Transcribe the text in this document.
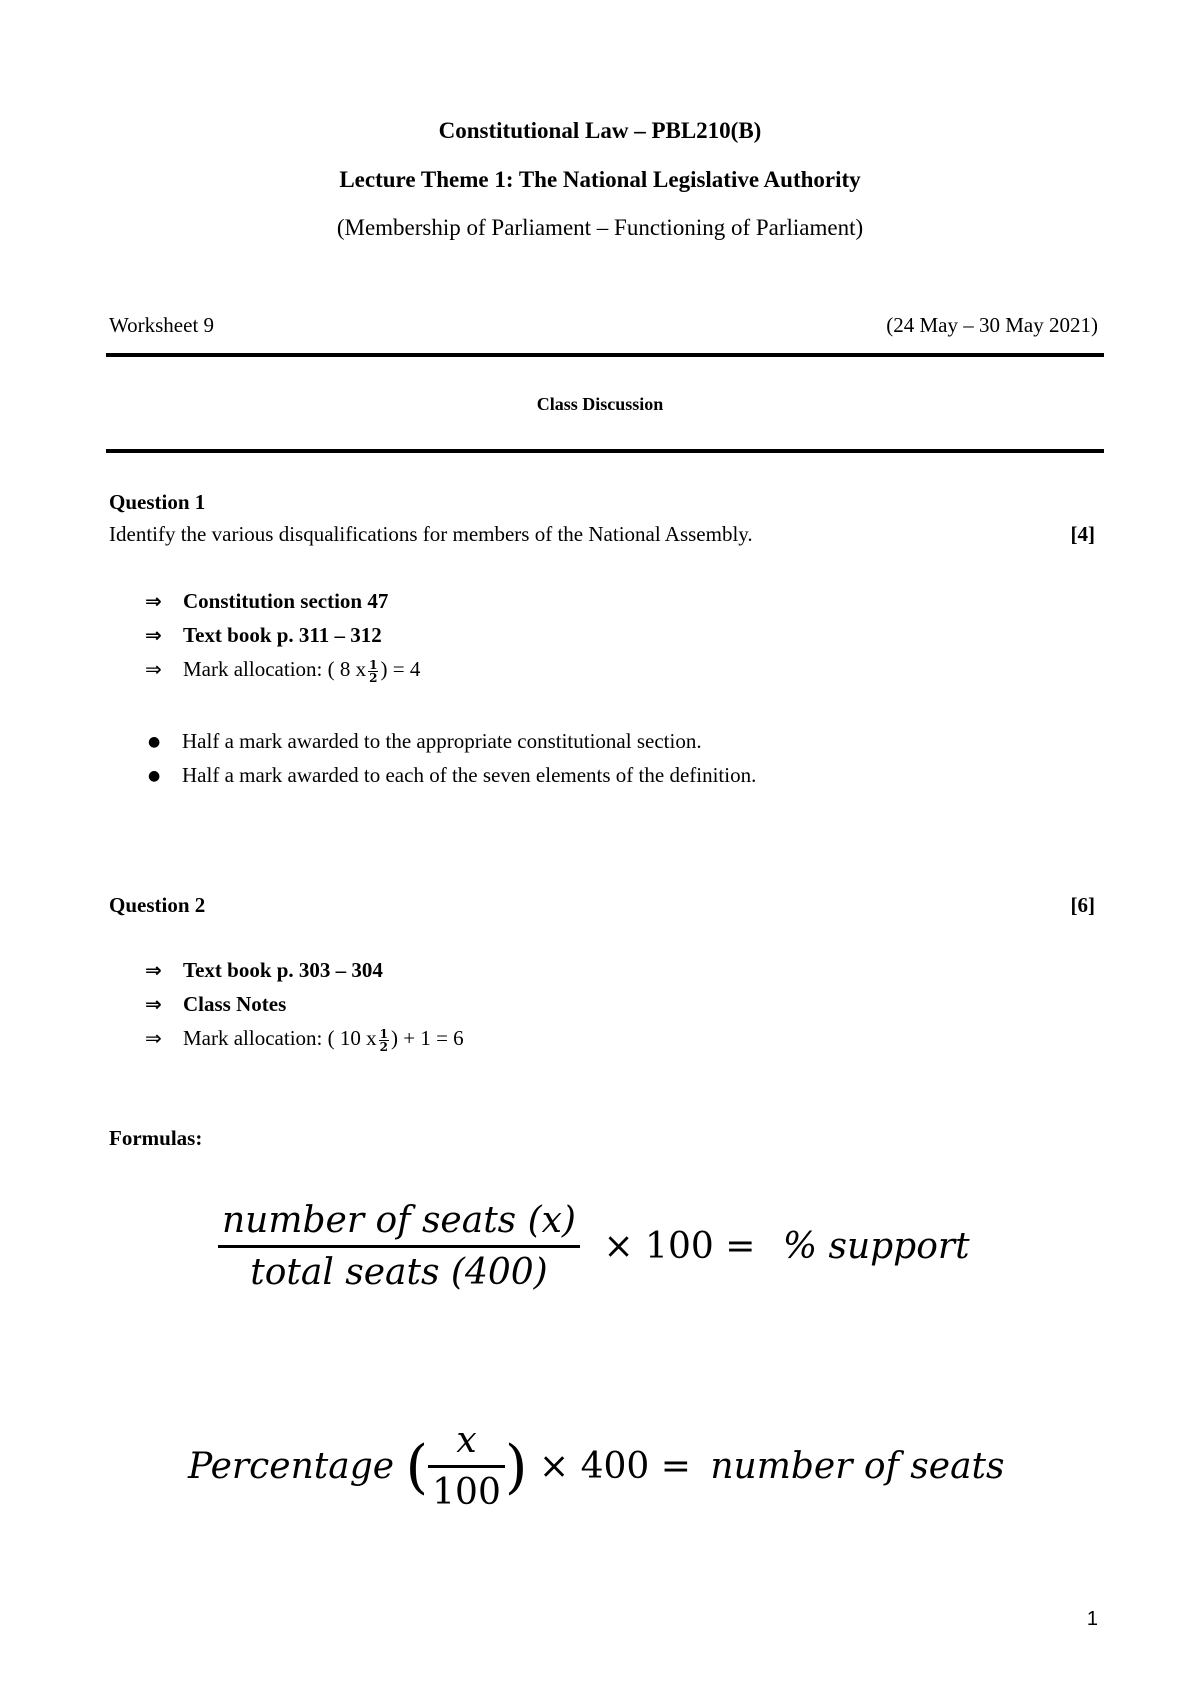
Constitutional Law – PBL210(B)
Lecture Theme 1: The National Legislative Authority
(Membership of Parliament – Functioning of Parliament)
Worksheet 9	(24 May – 30 May 2021)
Class Discussion
Question 1
Identify the various disqualifications for members of the National Assembly.	[4]
⇒ Constitution section 47
⇒ Text book p. 311 – 312
⇒ Mark allocation: ( 8 x $\frac{1}{2}$ ) = 4
● Half a mark awarded to the appropriate constitutional section.
● Half a mark awarded to each of the seven elements of the definition.
Question 2	[6]
⇒ Text book p. 303 – 304
⇒ Class Notes
⇒ Mark allocation: ( 10 x $\frac{1}{2}$ ) + 1 = 6
Formulas:
$\frac{\text{number of seats (x)}}{\text{total seats (400)}} \times 100$ = % support
Percentage ( $\frac{x}{100}$ ) × 400 = number of seats
1
